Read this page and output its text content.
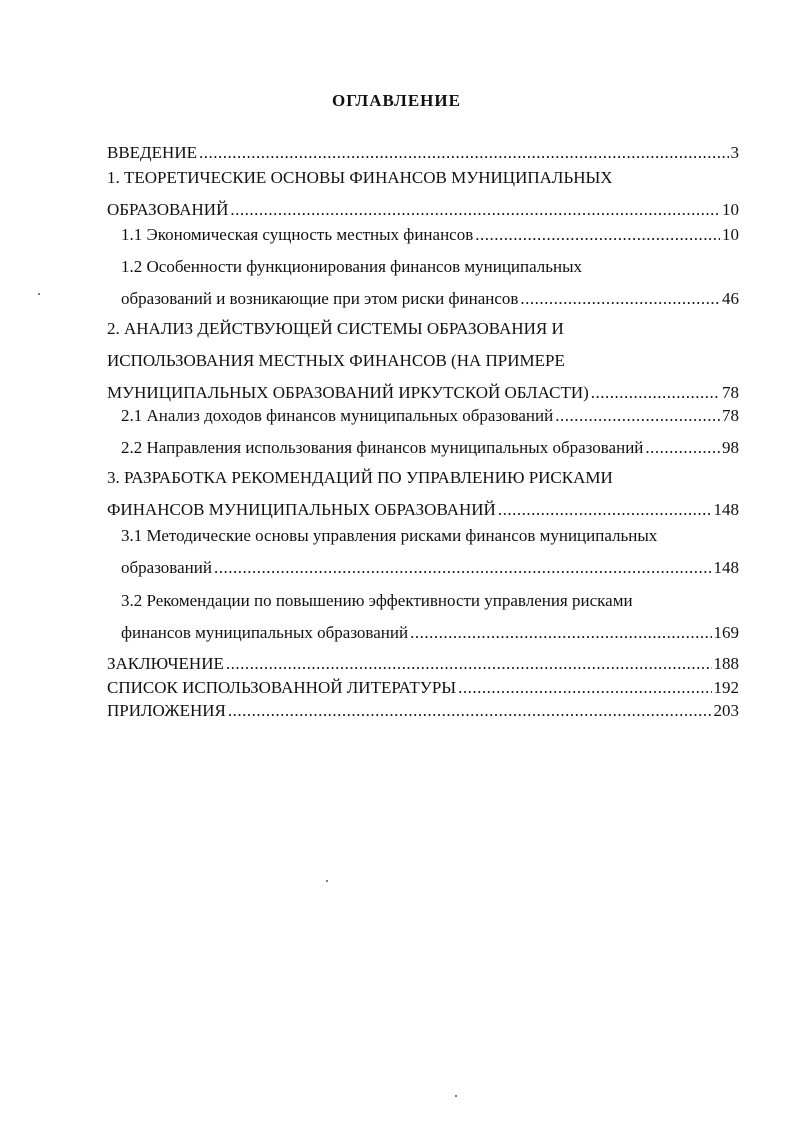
ОГЛАВЛЕНИЕ
ВВЕДЕНИЕ .....	3
1. ТЕОРЕТИЧЕСКИЕ ОСНОВЫ ФИНАНСОВ МУНИЦИПАЛЬНЫХ
ОБРАЗОВАНИЙ .....	10
1.1 Экономическая сущность местных финансов .....	10
1.2 Особенности функционирования финансов муниципальных
образований и возникающие при этом риски финансов .....	46
2. АНАЛИЗ ДЕЙСТВУЮЩЕЙ СИСТЕМЫ ОБРАЗОВАНИЯ И
ИСПОЛЬЗОВАНИЯ МЕСТНЫХ ФИНАНСОВ (НА ПРИМЕРЕ
МУНИЦИПАЛЬНЫХ ОБРАЗОВАНИЙ ИРКУТСКОЙ ОБЛАСТИ) .....	78
2.1 Анализ доходов финансов муниципальных образований .....	78
2.2 Направления использования финансов муниципальных образований .....	98
3. РАЗРАБОТКА РЕКОМЕНДАЦИЙ ПО УПРАВЛЕНИЮ РИСКАМИ
ФИНАНСОВ МУНИЦИПАЛЬНЫХ ОБРАЗОВАНИЙ .....	148
3.1 Методические основы управления рисками финансов муниципальных
образований .....	148
3.2 Рекомендации по повышению эффективности управления рисками
финансов муниципальных образований .....	169
ЗАКЛЮЧЕНИЕ .....	188
СПИСОК ИСПОЛЬЗОВАННОЙ ЛИТЕРАТУРЫ .....	192
ПРИЛОЖЕНИЯ .....	203
